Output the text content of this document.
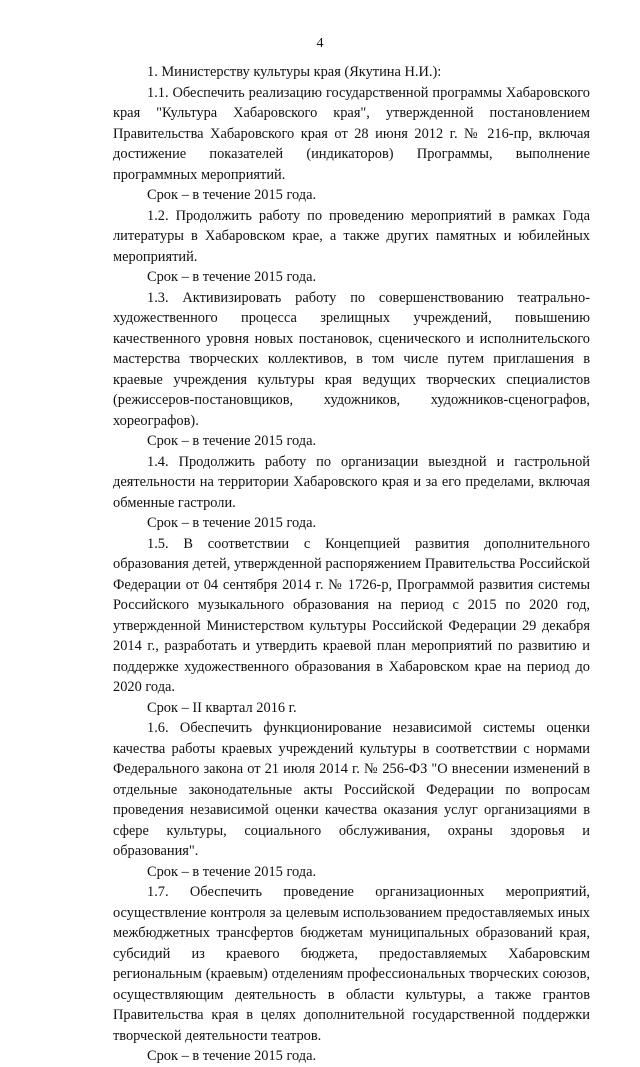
4

1. Министерству культуры края (Якутина Н.И.):

1.1. Обеспечить реализацию государственной программы Хабаровского края "Культура Хабаровского края", утвержденной постановлением Правительства Хабаровского края от 28 июня 2012 г. № 216-пр, включая достижение показателей (индикаторов) Программы, выполнение программных мероприятий.

Срок – в течение 2015 года.

1.2. Продолжить работу по проведению мероприятий в рамках Года литературы в Хабаровском крае, а также других памятных и юбилейных мероприятий.

Срок – в течение 2015 года.

1.3. Активизировать работу по совершенствованию театрально-художественного процесса зрелищных учреждений, повышению качественного уровня новых постановок, сценического и исполнительского мастерства творческих коллективов, в том числе путем приглашения в краевые учреждения культуры края ведущих творческих специалистов (режиссеров-постановщиков, художников, художников-сценографов, хореографов).

Срок – в течение 2015 года.

1.4. Продолжить работу по организации выездной и гастрольной деятельности на территории Хабаровского края и за его пределами, включая обменные гастроли.

Срок – в течение 2015 года.

1.5. В соответствии с Концепцией развития дополнительного образования детей, утвержденной распоряжением Правительства Российской Федерации от 04 сентября 2014 г. № 1726-р, Программой развития системы Российского музыкального образования на период с 2015 по 2020 год, утвержденной Министерством культуры Российской Федерации 29 декабря 2014 г., разработать и утвердить краевой план мероприятий по развитию и поддержке художественного образования в Хабаровском крае на период до 2020 года.

Срок – II квартал 2016 г.

1.6. Обеспечить функционирование независимой системы оценки качества работы краевых учреждений культуры в соответствии с нормами Федерального закона от 21 июля 2014 г. № 256-ФЗ "О внесении изменений в отдельные законодательные акты Российской Федерации по вопросам проведения независимой оценки качества оказания услуг организациями в сфере культуры, социального обслуживания, охраны здоровья и образования".

Срок – в течение 2015 года.

1.7. Обеспечить проведение организационных мероприятий, осуществление контроля за целевым использованием предоставляемых иных межбюджетных трансфертов бюджетам муниципальных образований края, субсидий из краевого бюджета, предоставляемых Хабаровским региональным (краевым) отделениям профессиональных творческих союзов, осуществляющим деятельность в области культуры, а также грантов Правительства края в целях дополнительной государственной поддержки творческой деятельности театров.

Срок – в течение 2015 года.
